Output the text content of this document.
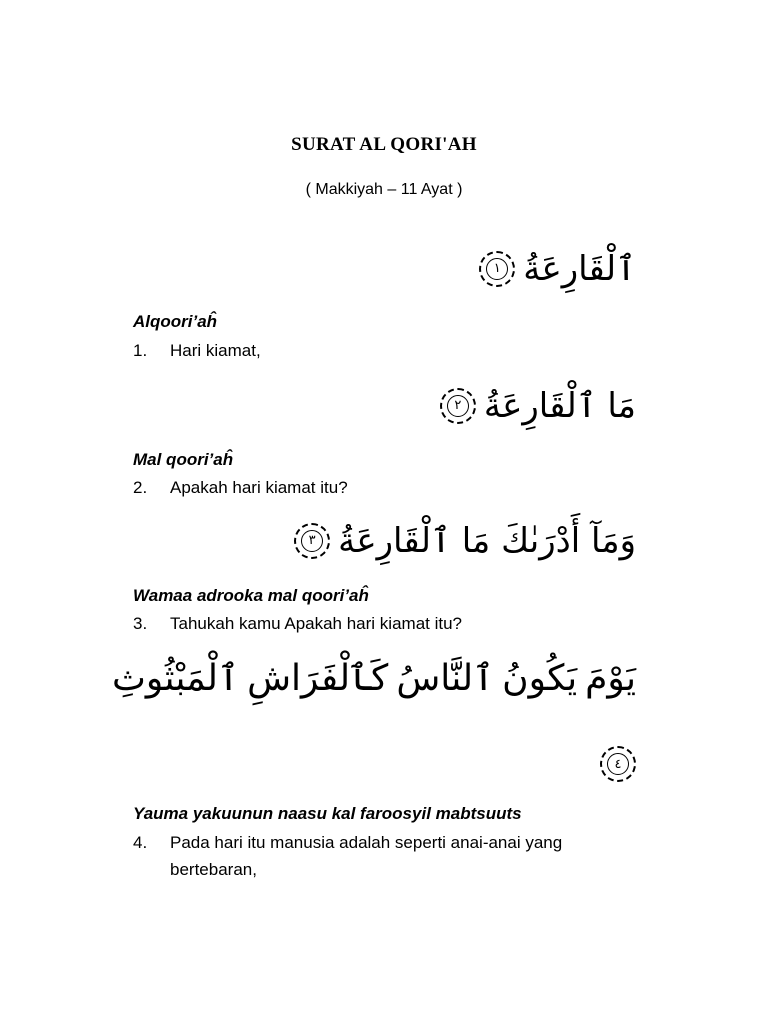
SURAT AL QORI'AH
( Makkiyah – 11 Ayat )
ٱلْقَارِعَةُ
١
Alqoori’aĥ
1.	Hari kiamat,
مَا ٱلْقَارِعَةُ
٢
Mal qoori’aĥ
2.	Apakah hari kiamat itu?
وَمَآ أَدْرَىٰكَ مَا ٱلْقَارِعَةُ
٣
Wamaa adrooka mal qoori’aĥ
3.	Tahukah kamu Apakah hari kiamat itu?
يَوْمَ
يَكُونُ
ٱلنَّاسُ
كَٱلْفَرَاشِ
ٱلْمَبْثُوثِ
٤
Yauma yakuunun naasu kal faroosyil mabtsuuts
4.	Pada hari itu manusia adalah seperti anai-anai yang bertebaran,
